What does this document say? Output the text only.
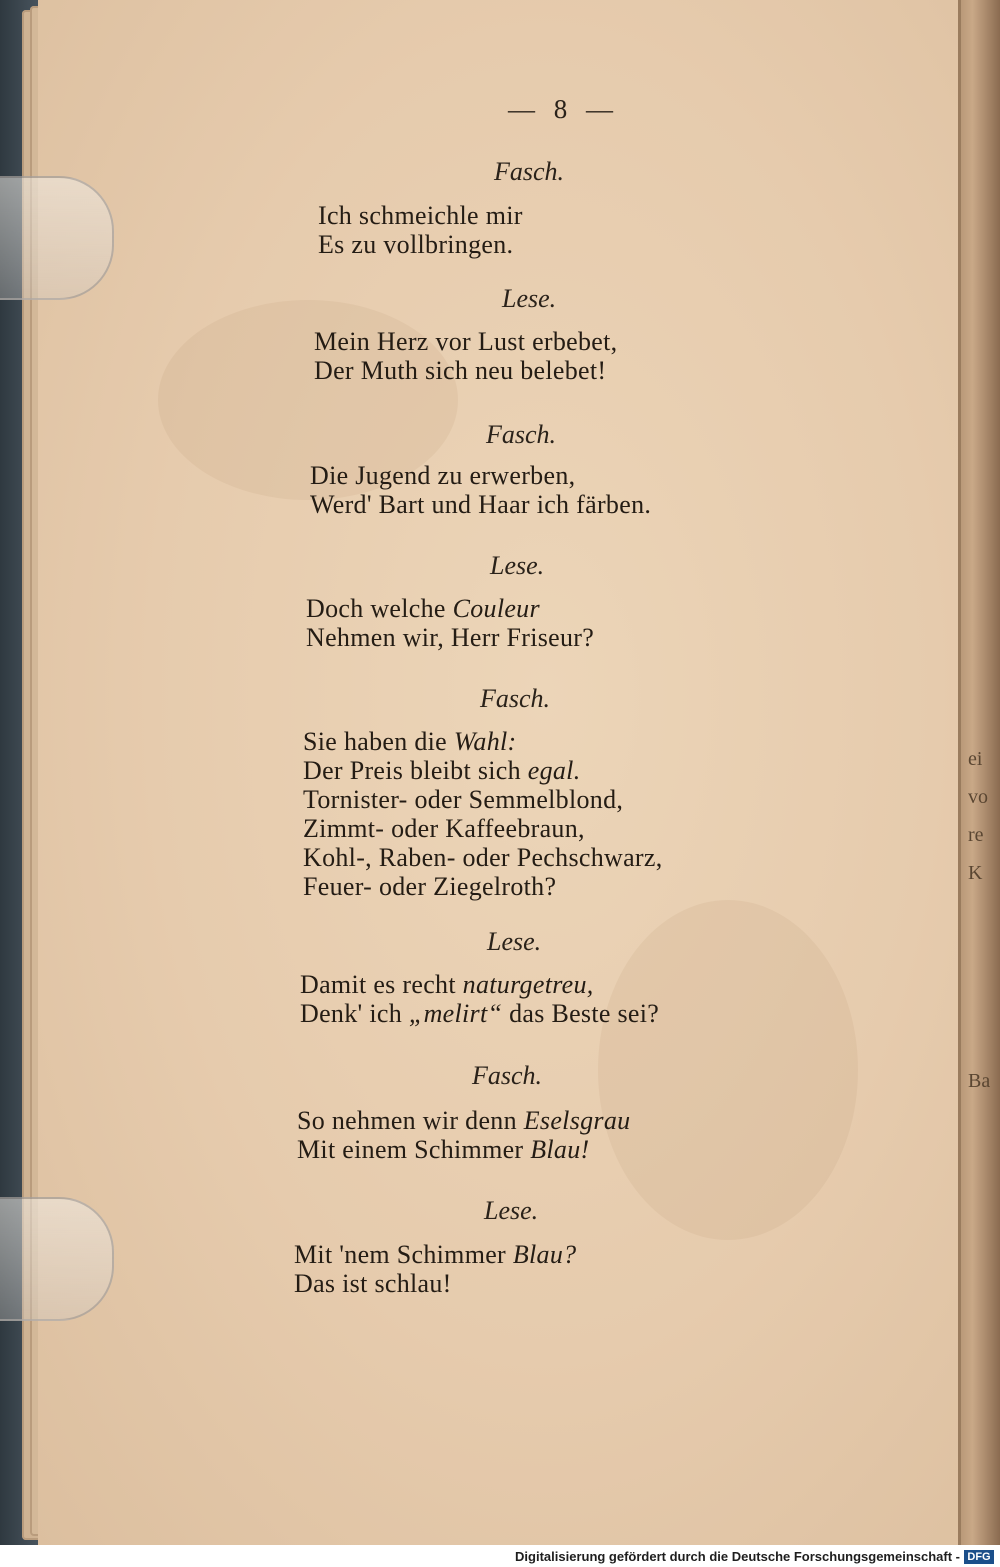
ei
vo
re
K
Ba
— 8 —
Fasch.
Ich schmeichle mir
Es zu vollbringen.
Lese.
Mein Herz vor Lust erbebet,
Der Muth sich neu belebet!
Fasch.
Die Jugend zu erwerben,
Werd' Bart und Haar ich färben.
Lese.
Doch welche Couleur
Nehmen wir, Herr Friseur?
Fasch.
Sie haben die Wahl:
Der Preis bleibt sich egal.
Tornister- oder Semmelblond,
Zimmt- oder Kaffeebraun,
Kohl-, Raben- oder Pechschwarz,
Feuer- oder Ziegelroth?
Lese.
Damit es recht naturgetreu,
Denk' ich „melirt“ das Beste sei?
Fasch.
So nehmen wir denn Eselsgrau
Mit einem Schimmer Blau!
Lese.
Mit 'nem Schimmer Blau?
Das ist schlau!
Digitalisierung gefördert durch die Deutsche Forschungsgemeinschaft - DFG
